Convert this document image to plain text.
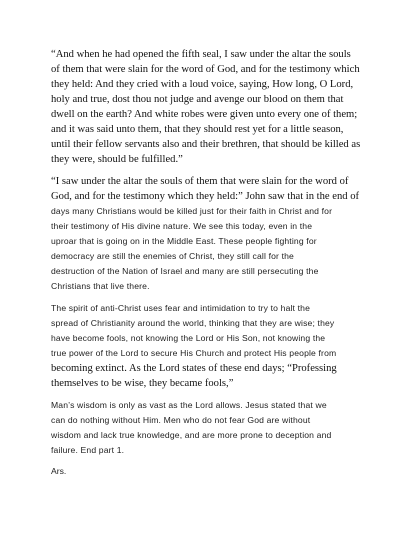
“And when he had opened the fifth seal, I saw under the altar the souls
of them that were slain for the word of God, and for the testimony which
they held: And they cried with a loud voice, saying, How long, O Lord,
holy and true, dost thou not judge and avenge our blood on them that
dwell on the earth? And white robes were given unto every one of them;
and it was said unto them, that they should rest yet for a little season,
until their fellow servants also and their brethren, that should be killed as
they were, should be fulfilled.”

“I saw under the altar the souls of them that were slain for the word of
God, and for the testimony which they held:” John saw that in the end of
days many Christians would be killed just for their faith in Christ and for
their testimony of His divine nature. We see this today, even in the
uproar that is going on in the Middle East. These people fighting for
democracy are still the enemies of Christ, they still call for the
destruction of the Nation of Israel and many are still persecuting the
Christians that live there.

The spirit of anti-Christ uses fear and intimidation to try to halt the
spread of Christianity around the world, thinking that they are wise; they
have become fools, not knowing the Lord or His Son, not knowing the
true power of the Lord to secure His Church and protect His people from
becoming extinct. As the Lord states of these end days; “Professing
themselves to be wise, they became fools,”

Man’s wisdom is only as vast as the Lord allows. Jesus stated that we
can do nothing without Him. Men who do not fear God are without
wisdom and lack true knowledge, and are more prone to deception and
failure. End part 1.

Ars.
